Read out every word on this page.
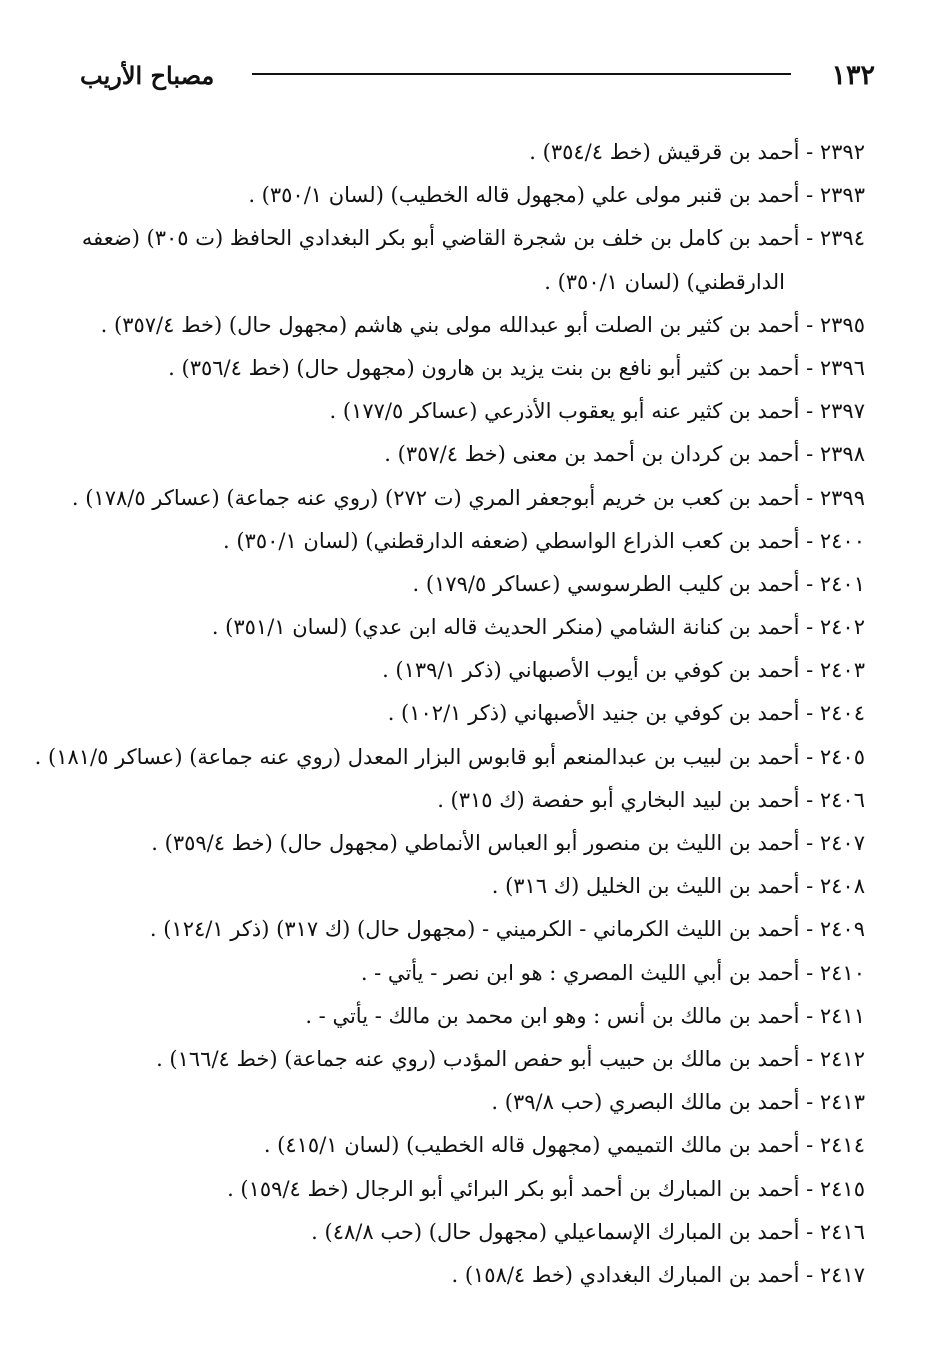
١٣٢
مصباح الأريب
٢٣٩٢ - أحمد بن قرقيش (خط ٣٥٤/٤) .
٢٣٩٣ - أحمد بن قنبر مولى علي (مجهول قاله الخطيب) (لسان ٣٥٠/١) .
٢٣٩٤ - أحمد بن كامل بن خلف بن شجرة القاضي أبو بكر البغدادي الحافظ (ت ٣٠٥) (ضعفه
الدارقطني) (لسان ٣٥٠/١) .
٢٣٩٥ - أحمد بن كثير بن الصلت أبو عبدالله مولى بني هاشم (مجهول حال) (خط ٣٥٧/٤) .
٢٣٩٦ - أحمد بن كثير أبو نافع بن بنت يزيد بن هارون (مجهول حال) (خط ٣٥٦/٤) .
٢٣٩٧ - أحمد بن كثير عنه أبو يعقوب الأذرعي (عساكر ١٧٧/٥) .
٢٣٩٨ - أحمد بن كردان بن أحمد بن معنى (خط ٣٥٧/٤) .
٢٣٩٩ - أحمد بن كعب بن خريم أبوجعفر المري (ت ٢٧٢) (روي عنه جماعة) (عساكر ١٧٨/٥) .
٢٤٠٠ - أحمد بن كعب الذراع الواسطي (ضعفه الدارقطني) (لسان ٣٥٠/١) .
٢٤٠١ - أحمد بن كليب الطرسوسي (عساكر ١٧٩/٥) .
٢٤٠٢ - أحمد بن كنانة الشامي (منكر الحديث قاله ابن عدي) (لسان ٣٥١/١) .
٢٤٠٣ - أحمد بن كوفي بن أيوب الأصبهاني (ذكر ١٣٩/١) .
٢٤٠٤ - أحمد بن كوفي بن جنيد الأصبهاني (ذكر ١٠٢/١) .
٢٤٠٥ - أحمد بن لبيب بن عبدالمنعم أبو قابوس البزار المعدل (روي عنه جماعة) (عساكر ١٨١/٥) .
٢٤٠٦ - أحمد بن لبيد البخاري أبو حفصة (ك ٣١٥) .
٢٤٠٧ - أحمد بن الليث بن منصور أبو العباس الأنماطي (مجهول حال) (خط ٣٥٩/٤) .
٢٤٠٨ - أحمد بن الليث بن الخليل (ك ٣١٦) .
٢٤٠٩ - أحمد بن الليث الكرماني - الكرميني - (مجهول حال) (ك ٣١٧) (ذكر ١٢٤/١) .
٢٤١٠ - أحمد بن أبي الليث المصري : هو ابن نصر - يأتي - .
٢٤١١ - أحمد بن مالك بن أنس : وهو ابن محمد بن مالك - يأتي - .
٢٤١٢ - أحمد بن مالك بن حبيب أبو حفص المؤدب (روي عنه جماعة) (خط ١٦٦/٤) .
٢٤١٣ - أحمد بن مالك البصري (حب ٣٩/٨) .
٢٤١٤ - أحمد بن مالك التميمي (مجهول قاله الخطيب) (لسان ٤١٥/١) .
٢٤١٥ - أحمد بن المبارك بن أحمد أبو بكر البرائي أبو الرجال (خط ١٥٩/٤) .
٢٤١٦ - أحمد بن المبارك الإسماعيلي (مجهول حال) (حب ٤٨/٨) .
٢٤١٧ - أحمد بن المبارك البغدادي (خط ١٥٨/٤) .
